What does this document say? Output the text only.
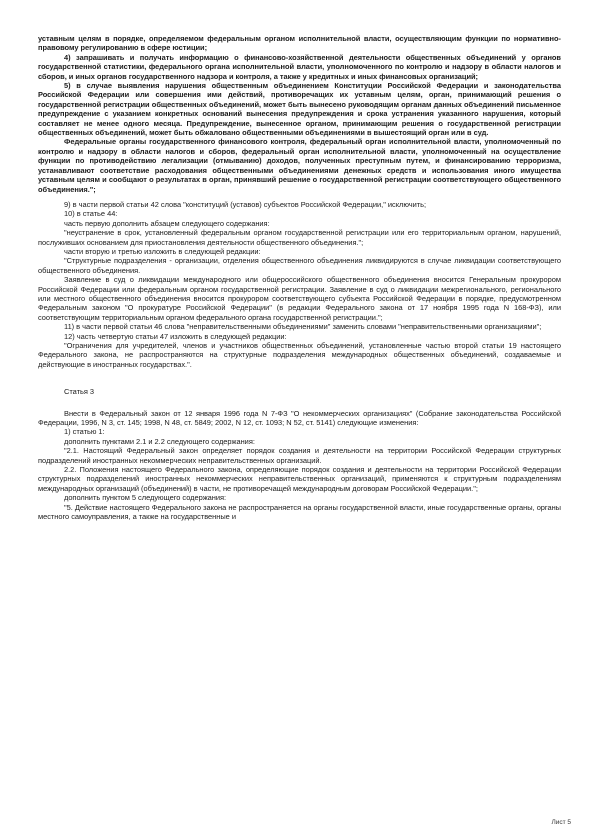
уставным целям в порядке, определяемом федеральным органом исполнительной власти, осуществляющим функции по нормативно-правовому регулированию в сфере юстиции;

4) запрашивать и получать информацию о финансово-хозяйственной деятельности общественных объединений у органов государственной статистики, федерального органа исполнительной власти, уполномоченного по контролю и надзору в области налогов и сборов, и иных органов государственного надзора и контроля, а также у кредитных и иных финансовых организаций;

5) в случае выявления нарушения общественным объединением Конституции Российской Федерации и законодательства Российской Федерации или совершения ими действий, противоречащих их уставным целям, орган, принимающий решения о государственной регистрации общественных объединений, может быть вынесено руководящим органам данных объединений письменное предупреждение с указанием конкретных оснований вынесения предупреждения и срока устранения указанного нарушения, который составляет не менее одного месяца. Предупреждение, вынесенное органом, принимающим решения о государственной регистрации общественных объединений, может быть обжаловано общественными объединениями в вышестоящий орган или в суд.

Федеральные органы государственного финансового контроля, федеральный орган исполнительной власти, уполномоченный по контролю и надзору в области налогов и сборов, федеральный орган исполнительной власти, уполномоченный на осуществление функции по противодействию легализации (отмыванию) доходов, полученных преступным путем, и финансированию терроризма, устанавливают соответствие расходования общественными объединениями денежных средств и использования иного имущества уставным целям и сообщают о результатах в орган, принявший решение о государственной регистрации соответствующего общественного объединения.";

9) в части первой статьи 42 слова "конституций (уставов) субъектов Российской Федерации," исключить;

10) в статье 44:

часть первую дополнить абзацем следующего содержания:

"неустранение в срок, установленный федеральным органом государственной регистрации или его территориальным органом, нарушений, послуживших основанием для приостановления деятельности общественного объединения.";

части вторую и третью изложить в следующей редакции:

"Структурные подразделения - организации, отделения общественного объединения ликвидируются в случае ликвидации соответствующего общественного объединения.

Заявление в суд о ликвидации международного или общероссийского общественного объединения вносится Генеральным прокурором Российской Федерации или федеральным органом государственной регистрации. Заявление в суд о ликвидации межрегионального, регионального или местного общественного объединения вносится прокурором соответствующего субъекта Российской Федерации в порядке, предусмотренном Федеральным законом "О прокуратуре Российской Федерации" (в редакции Федерального закона от 17 ноября 1995 года N 168-ФЗ), или соответствующим территориальным органом федерального органа государственной регистрации.";

11) в части первой статьи 46 слова "неправительственными объединениями" заменить словами "неправительственными организациями";

12) часть четвертую статьи 47 изложить в следующей редакции:

"Ограничения для учредителей, членов и участников общественных объединений, установленные частью второй статьи 19 настоящего Федерального закона, не распространяются на структурные подразделения международных общественных объединений, создаваемые и действующие в иностранных государствах.".

Статья 3

Внести в Федеральный закон от 12 января 1996 года N 7-ФЗ "О некоммерческих организациях" (Собрание законодательства Российской Федерации, 1996, N 3, ст. 145; 1998, N 48, ст. 5849; 2002, N 12, ст. 1093; N 52, ст. 5141) следующие изменения:

1) статью 1:

дополнить пунктами 2.1 и 2.2 следующего содержания:

"2.1. Настоящий Федеральный закон определяет порядок создания и деятельности на территории Российской Федерации структурных подразделений иностранных некоммерческих неправительственных организаций.

2.2. Положения настоящего Федерального закона, определяющие порядок создания и деятельности на территории Российской Федерации структурных подразделений иностранных некоммерческих неправительственных организаций, применяются к структурным подразделениям международных организаций (объединений) в части, не противоречащей международным договорам Российской Федерации.";

дополнить пунктом 5 следующего содержания:

"5. Действие настоящего Федерального закона не распространяется на органы государственной власти, иные государственные органы, органы местного самоуправления, а также на государственные и

Лист 5
